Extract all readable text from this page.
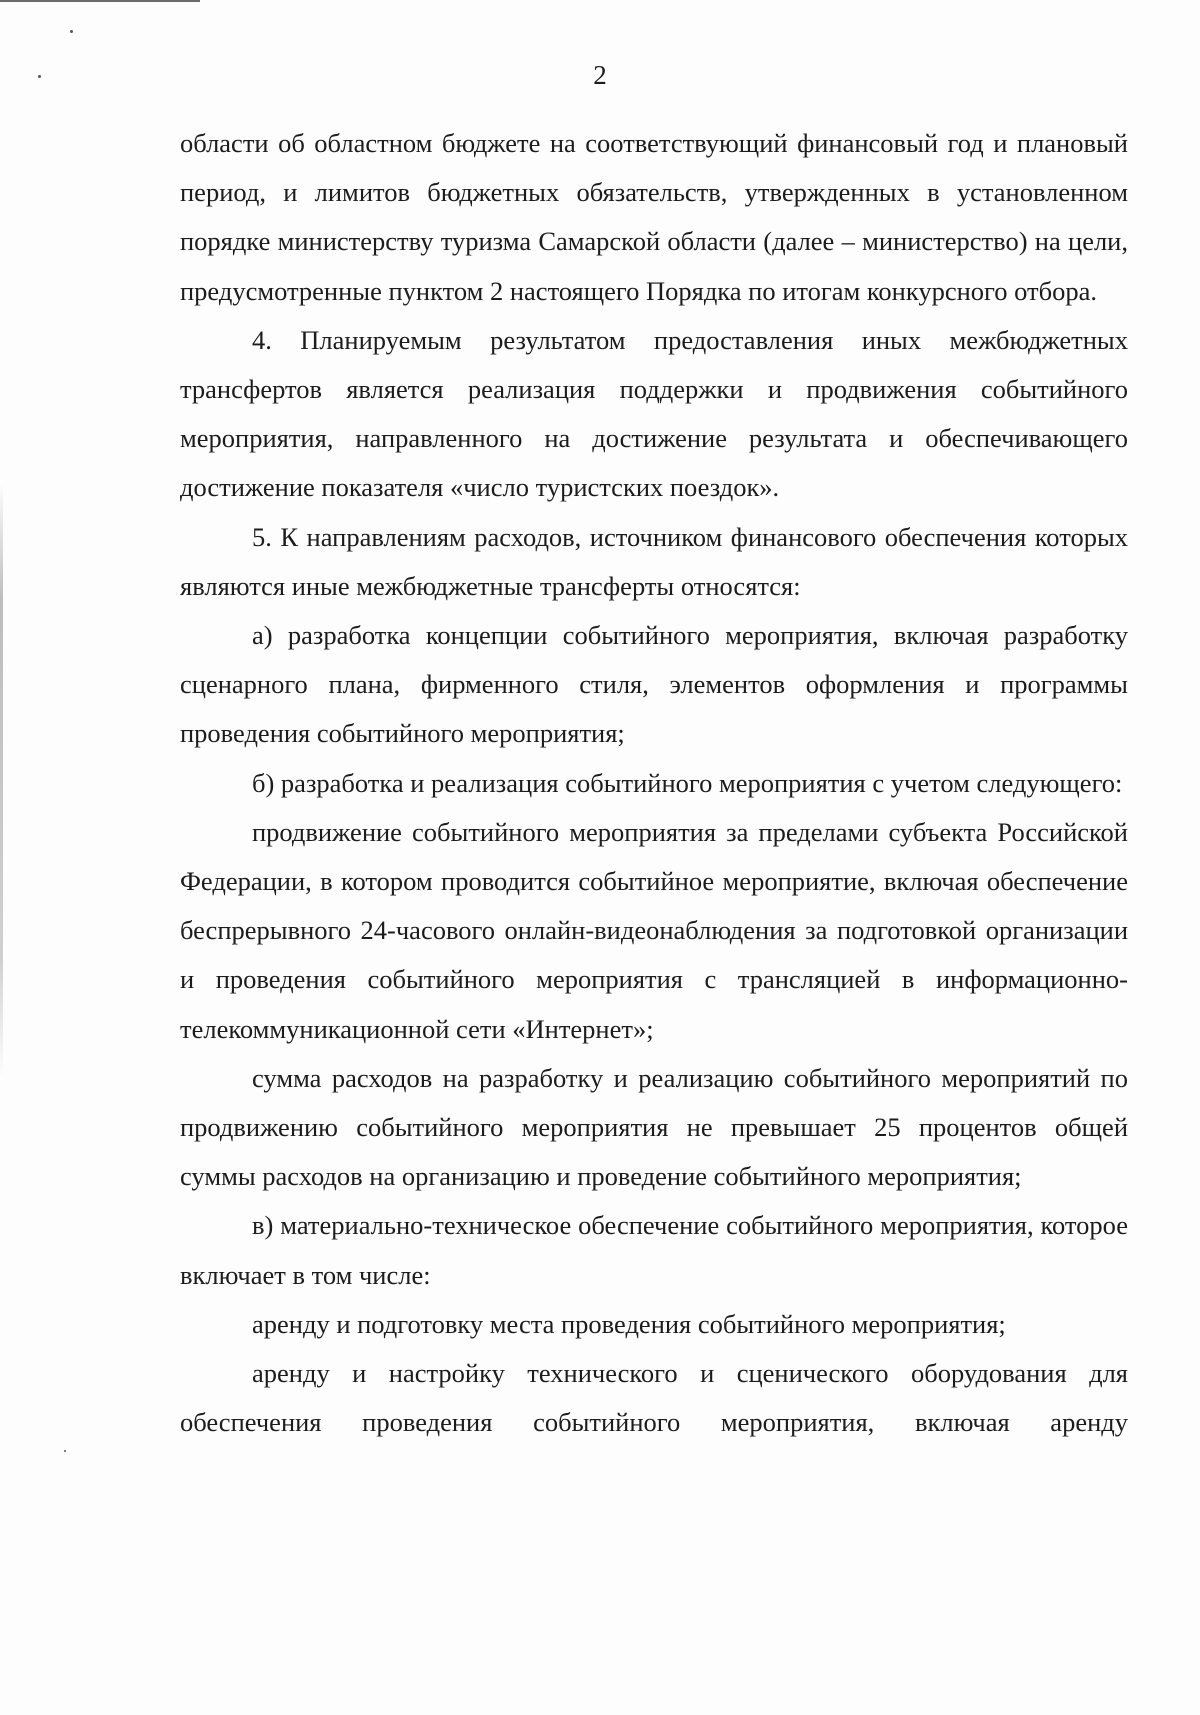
2

области об областном бюджете на соответствующий финансовый год и плановый период, и лимитов бюджетных обязательств, утвержденных в установленном порядке министерству туризма Самарской области (далее – министерство) на цели, предусмотренные пунктом 2 настоящего Порядка по итогам конкурсного отбора.

4. Планируемым результатом предоставления иных межбюджетных трансфертов является реализация поддержки и продвижения событийного мероприятия, направленного на достижение результата и обеспечивающего достижение показателя «число туристских поездок».

5. К направлениям расходов, источником финансового обеспечения которых являются иные межбюджетные трансферты относятся:

а) разработка концепции событийного мероприятия, включая разработку сценарного плана, фирменного стиля, элементов оформления и программы проведения событийного мероприятия;

б) разработка и реализация событийного мероприятия с учетом следующего:

продвижение событийного мероприятия за пределами субъекта Российской Федерации, в котором проводится событийное мероприятие, включая обеспечение беспрерывного 24-часового онлайн-видеонаблюдения за подготовкой организации и проведения событийного мероприятия с трансляцией в информационно-телекоммуникационной сети «Интернет»;

сумма расходов на разработку и реализацию событийного мероприятий по продвижению событийного мероприятия не превышает 25 процентов общей суммы расходов на организацию и проведение событийного мероприятия;

в) материально-техническое обеспечение событийного мероприятия, которое включает в том числе:

аренду и подготовку места проведения событийного мероприятия;

аренду и настройку технического и сценического оборудования для обеспечения проведения событийного мероприятия, включая аренду
